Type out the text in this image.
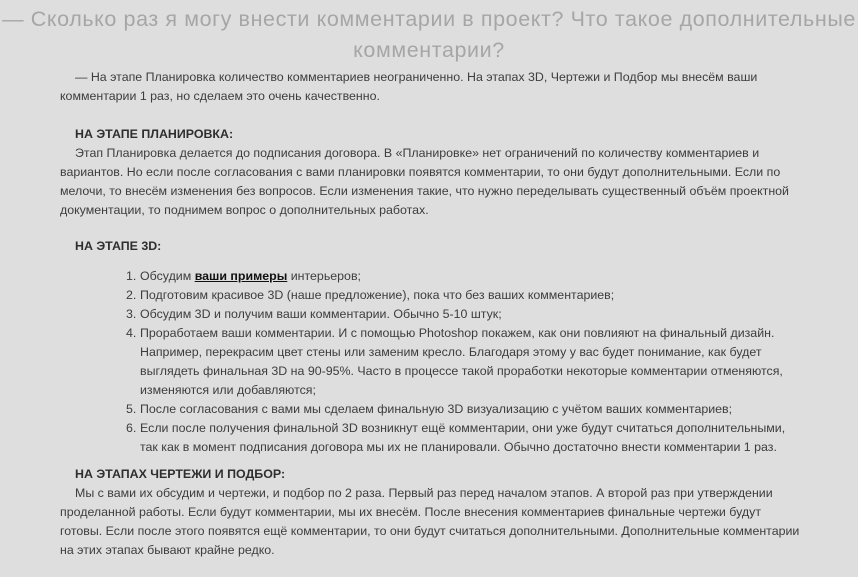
— Сколько раз я могу внести комментарии в проект? Что такое дополнительные комментарии?

— На этапе Планировка количество комментариев неограниченно. На этапах 3D, Чертежи и Подбор мы внесём ваши комментарии 1 раз, но сделаем это очень качественно.

НА ЭТАПЕ ПЛАНИРОВКА:

Этап Планировка делается до подписания договора. В «Планировке» нет ограничений по количеству комментариев и вариантов. Но если после согласования с вами планировки появятся комментарии, то они будут дополнительными. Если по мелочи, то внесём изменения без вопросов. Если изменения такие, что нужно переделывать существенный объём проектной документации, то поднимем вопрос о дополнительных работах.

НА ЭТАПЕ 3D:
1. Обсудим ваши примеры интерьеров;
2. Подготовим красивое 3D (наше предложение), пока что без ваших комментариев;
3. Обсудим 3D и получим ваши комментарии. Обычно 5-10 штук;
4. Проработаем ваши комментарии. И с помощью Photoshop покажем, как они повлияют на финальный дизайн. Например, перекрасим цвет стены или заменим кресло. Благодаря этому у вас будет понимание, как будет выглядеть финальная 3D на 90-95%. Часто в процессе такой проработки некоторые комментарии отменяются, изменяются или добавляются;
5. После согласования с вами мы сделаем финальную 3D визуализацию с учётом ваших комментариев;
6. Если после получения финальной 3D возникнут ещё комментарии, они уже будут считаться дополнительными, так как в момент подписания договора мы их не планировали. Обычно достаточно внести комментарии 1 раз.
НА ЭТАПАХ ЧЕРТЕЖИ И ПОДБОР:

Мы с вами их обсудим и чертежи, и подбор по 2 раза. Первый раз перед началом этапов. А второй раз при утверждении проделанной работы. Если будут комментарии, мы их внесём. После внесения комментариев финальные чертежи будут готовы. Если после этого появятся ещё комментарии, то они будут считаться дополнительными. Дополнительные комментарии на этих этапах бывают крайне редко.
